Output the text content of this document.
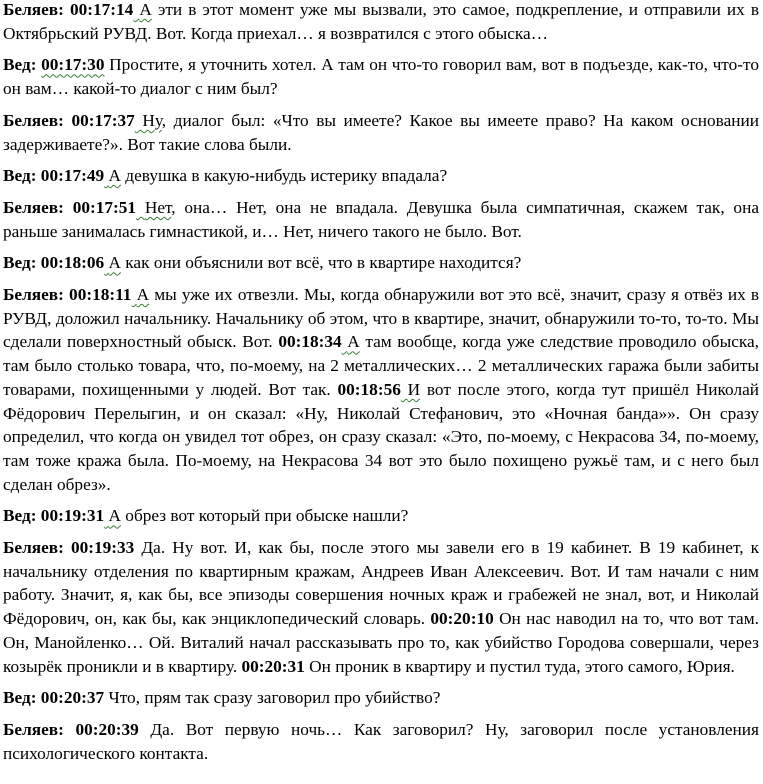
Беляев: 00:17:14​ А эти в этот момент уже мы вызвали, это самое, подкрепление, и отправили их в Октябрьский РУВД. Вот. Когда приехал… я возвратился с этого обыска…

Вед: 00:17:30 Простите, я уточнить хотел. А там он что-то говорил вам, вот в подъезде, как-то, что-то он вам… какой-то диалог с ним был?

Беляев: 00:17:37​ Ну, диалог был: «Что вы имеете? Какое вы имеете право? На каком основании задерживаете?». Вот такие слова были.

Вед: 00:17:49​ А девушка в какую-нибудь истерику впадала?

Беляев: 00:17:51​ Нет, она… Нет, она не впадала. Девушка была симпатичная, скажем так, она раньше занималась гимнастикой, и… Нет, ничего такого не было. Вот.

Вед: 00:18:06​ А как они объяснили вот всё, что в квартире находится?

Беляев: 00:18:11​ А мы уже их отвезли. Мы, когда обнаружили вот это всё, значит, сразу я отвёз их в РУВД, доложил начальнику. Начальнику об этом, что в квартире, значит, обнаружили то-то, то-то. Мы сделали поверхностный обыск. Вот. 00:18:34​ А там вообще, когда уже следствие проводило обыска, там было столько товара, что, по-моему, на 2 металлических… 2 металлических гаража были забиты товарами, похищенными у людей. Вот так. 00:18:56​ И вот после этого, когда тут пришёл Николай Фёдорович Перелыгин, и он сказал: «Ну, Николай Стефанович, это «Ночная банда»». Он сразу определил, что когда он увидел тот обрез, он сразу сказал: «Это, по-моему, с Некрасова 34, по-моему, там тоже кража была. По-моему, на Некрасова 34 вот это было похищено ружьё там, и с него был сделан обрез».

Вед: 00:19:31​ А обрез вот который при обыске нашли?

Беляев: 00:19:33 Да. Ну вот. И, как бы, после этого мы завели его в 19 кабинет. В 19 кабинет, к начальнику отделения по квартирным кражам, Андреев Иван Алексеевич. Вот. И там начали с ним работу. Значит, я, как бы, все эпизоды совершения ночных краж и грабежей не знал, вот, и Николай Фёдорович, он, как бы, как энциклопедический словарь. 00:20:10 Он нас наводил на то, что вот там. Он, Манойленко… Ой. Виталий начал рассказывать про то, как убийство Городова совершали, через козырёк проникли и в квартиру. 00:20:31 Он проник в квартиру и пустил туда, этого самого, Юрия.

Вед: 00:20:37 Что, прям так сразу заговорил про убийство?

Беляев: 00:20:39 Да. Вот первую ночь… Как заговорил? Ну, заговорил после установления психологического контакта.
